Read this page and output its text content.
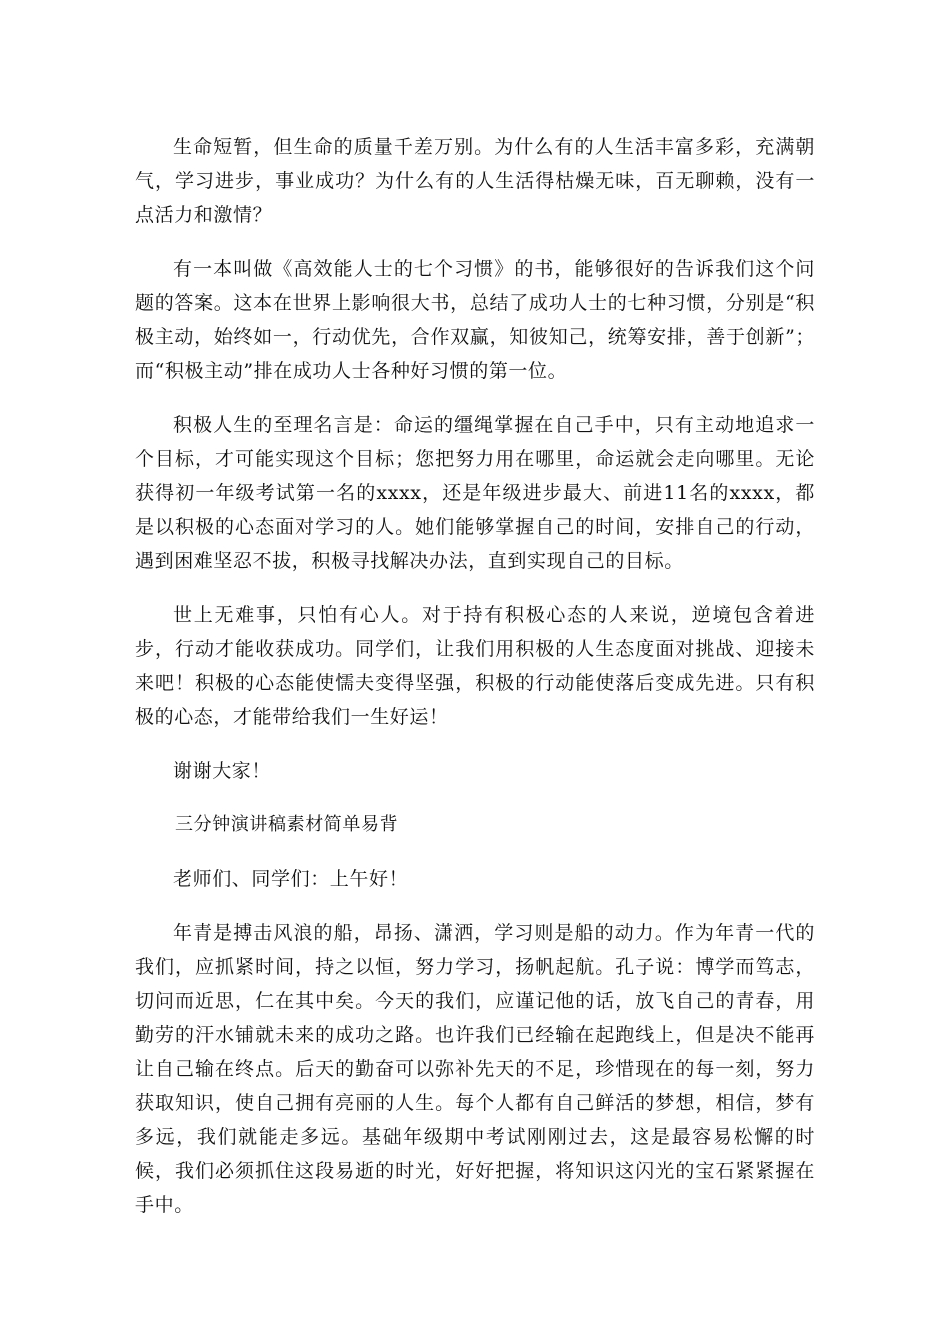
生命短暂，但生命的质量千差万别。为什么有的人生活丰富多彩，充满朝气，学习进步，事业成功？为什么有的人生活得枯燥无味，百无聊赖，没有一点活力和激情？

有一本叫做《高效能人士的七个习惯》的书，能够很好的告诉我们这个问题的答案。这本在世界上影响很大书，总结了成功人士的七种习惯，分别是“积极主动，始终如一，行动优先，合作双赢，知彼知己，统筹安排，善于创新”；而“积极主动”排在成功人士各种好习惯的第一位。

积极人生的至理名言是：命运的缰绳掌握在自己手中，只有主动地追求一个目标，才可能实现这个目标；您把努力用在哪里，命运就会走向哪里。无论获得初一年级考试第一名的xxxx，还是年级进步最大、前进11名的xxxx，都是以积极的心态面对学习的人。她们能够掌握自己的时间，安排自己的行动，遇到困难坚忍不拔，积极寻找解决办法，直到实现自己的目标。

世上无难事，只怕有心人。对于持有积极心态的人来说，逆境包含着进步，行动才能收获成功。同学们，让我们用积极的人生态度面对挑战、迎接未来吧！积极的心态能使懦夫变得坚强，积极的行动能使落后变成先进。只有积极的心态，才能带给我们一生好运！

谢谢大家！

三分钟演讲稿素材简单易背

老师们、同学们：上午好！

年青是搏击风浪的船，昂扬、潇洒，学习则是船的动力。作为年青一代的我们，应抓紧时间，持之以恒，努力学习，扬帆起航。孔子说：博学而笃志，切问而近思，仁在其中矣。今天的我们，应谨记他的话，放飞自己的青春，用勤劳的汗水铺就未来的成功之路。也许我们已经输在起跑线上，但是决不能再让自己输在终点。后天的勤奋可以弥补先天的不足，珍惜现在的每一刻，努力获取知识，使自己拥有亮丽的人生。每个人都有自己鲜活的梦想，相信，梦有多远，我们就能走多远。基础年级期中考试刚刚过去，这是最容易松懈的时候，我们必须抓住这段易逝的时光，好好把握，将知识这闪光的宝石紧紧握在手中。
